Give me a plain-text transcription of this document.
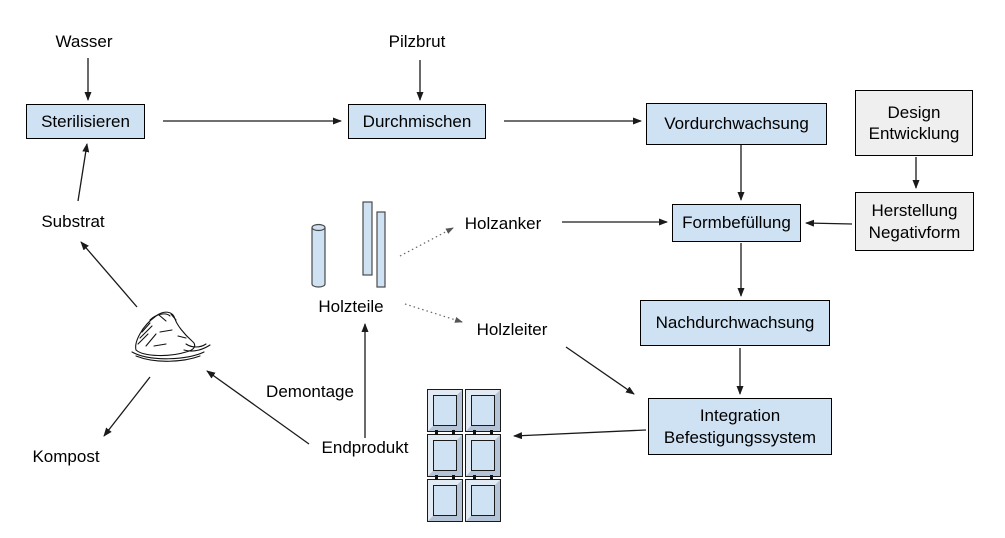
Wasser	Pilzbrut
Substrat
Kompost
Holzteile
Holzanker
Holzleiter
Demontage
Endprodukt
Sterilisieren	Durchmischen	Vordurchwachsung
Formbefüllung
Nachdurchwachsung
Integration
Befestigungssystem
Design
Entwicklung
Herstellung
Negativform
